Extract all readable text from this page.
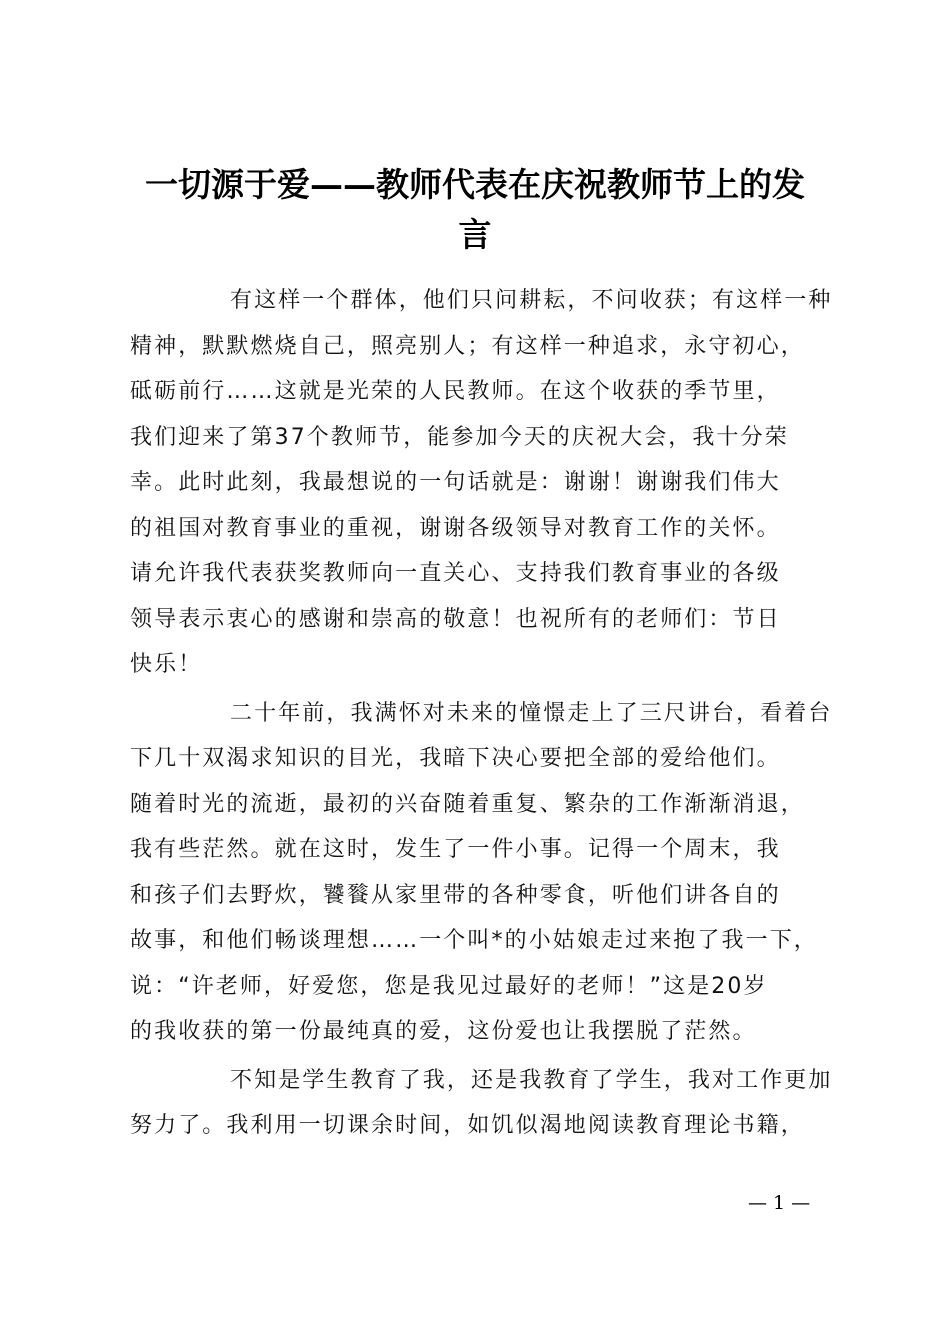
一切源于爱——教师代表在庆祝教师节上的发
言
有这样一个群体，他们只问耕耘，不问收获；有这样一种
精神，默默燃烧自己，照亮别人；有这样一种追求，永守初心，
砥砺前行……这就是光荣的人民教师。在这个收获的季节里，
我们迎来了第37个教师节，能参加今天的庆祝大会，我十分荣
幸。此时此刻，我最想说的一句话就是：谢谢！谢谢我们伟大
的祖国对教育事业的重视，谢谢各级领导对教育工作的关怀。
请允许我代表获奖教师向一直关心、支持我们教育事业的各级
领导表示衷心的感谢和崇高的敬意！也祝所有的老师们：节日
快乐！
二十年前，我满怀对未来的憧憬走上了三尺讲台，看着台
下几十双渴求知识的目光，我暗下决心要把全部的爱给他们。
随着时光的流逝，最初的兴奋随着重复、繁杂的工作渐渐消退，
我有些茫然。就在这时，发生了一件小事。记得一个周末，我
和孩子们去野炊，饕餮从家里带的各种零食，听他们讲各自的
故事，和他们畅谈理想……一个叫*的小姑娘走过来抱了我一下，
说：“许老师，好爱您，您是我见过最好的老师！”这是20岁
的我收获的第一份最纯真的爱，这份爱也让我摆脱了茫然。
不知是学生教育了我，还是我教育了学生，我对工作更加
努力了。我利用一切课余时间，如饥似渴地阅读教育理论书籍，
— 1 —
